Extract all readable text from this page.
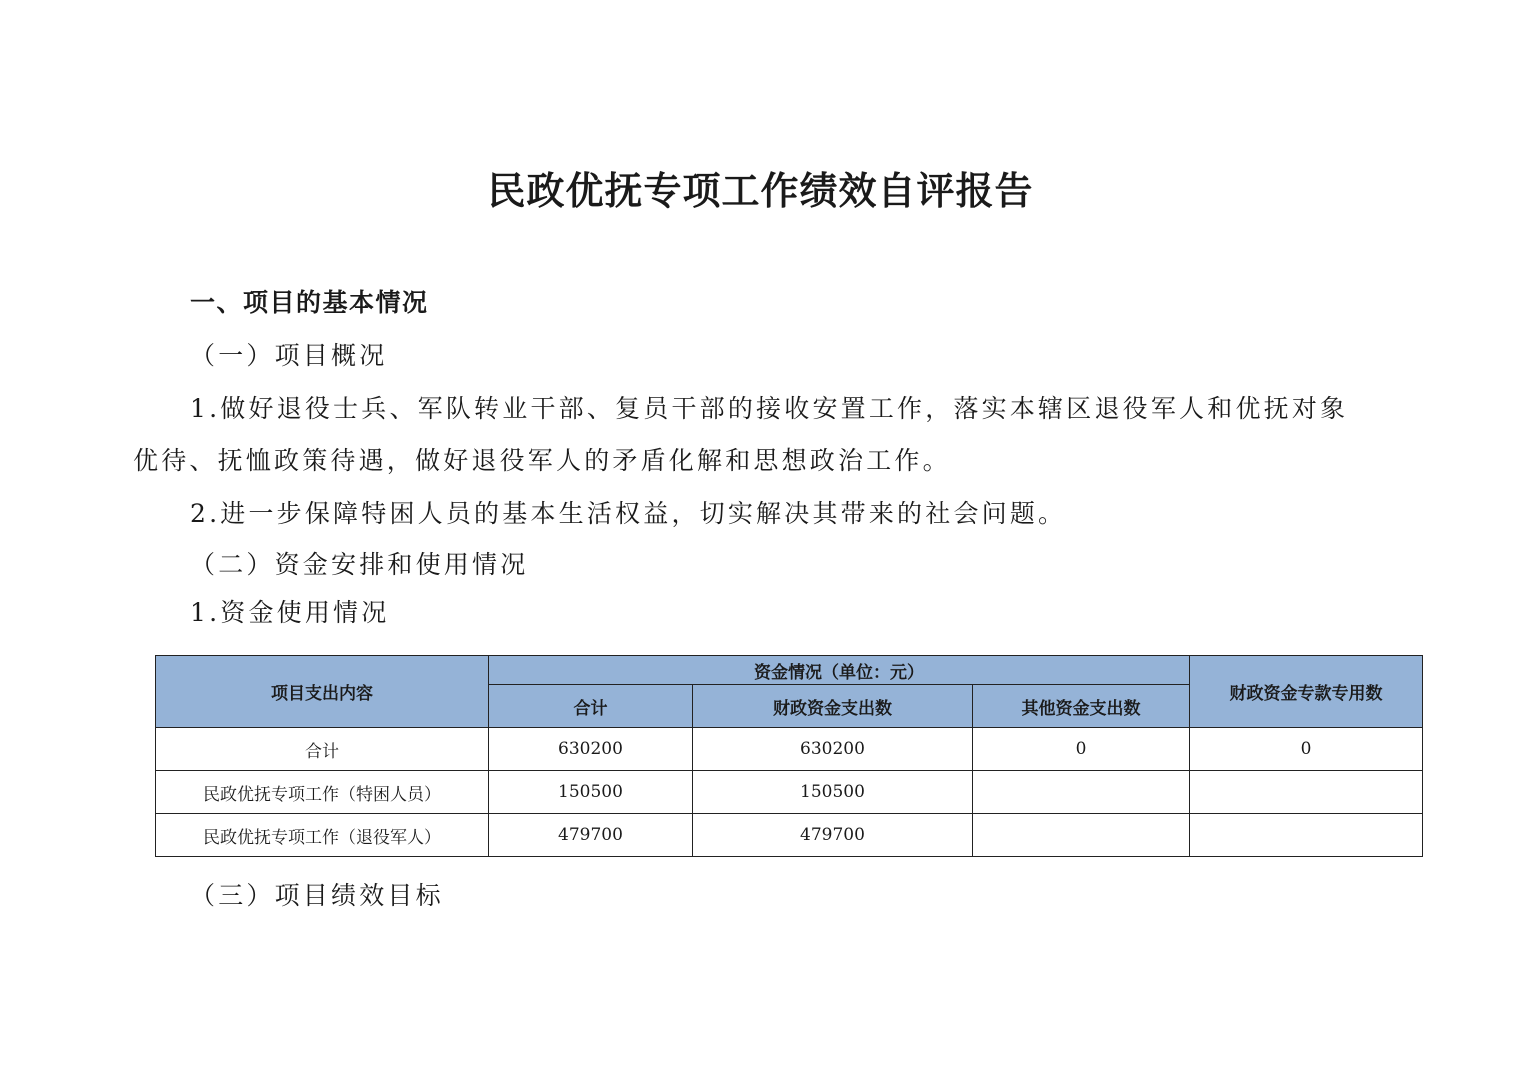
民政优抚专项工作绩效自评报告
一、项目的基本情况
（一）项目概况
1.做好退役士兵、军队转业干部、复员干部的接收安置工作，落实本辖区退役军人和优抚对象
优待、抚恤政策待遇，做好退役军人的矛盾化解和思想政治工作。
2.进一步保障特困人员的基本生活权益，切实解决其带来的社会问题。
（二）资金安排和使用情况
1.资金使用情况
项目支出内容	资金情况（单位：元）			财政资金专款专用数
	合计	财政资金支出数	其他资金支出数	
合计	630200	630200	0	0
民政优抚专项工作（特困人员）	150500	150500		
民政优抚专项工作（退役军人）	479700	479700		
（三）项目绩效目标
